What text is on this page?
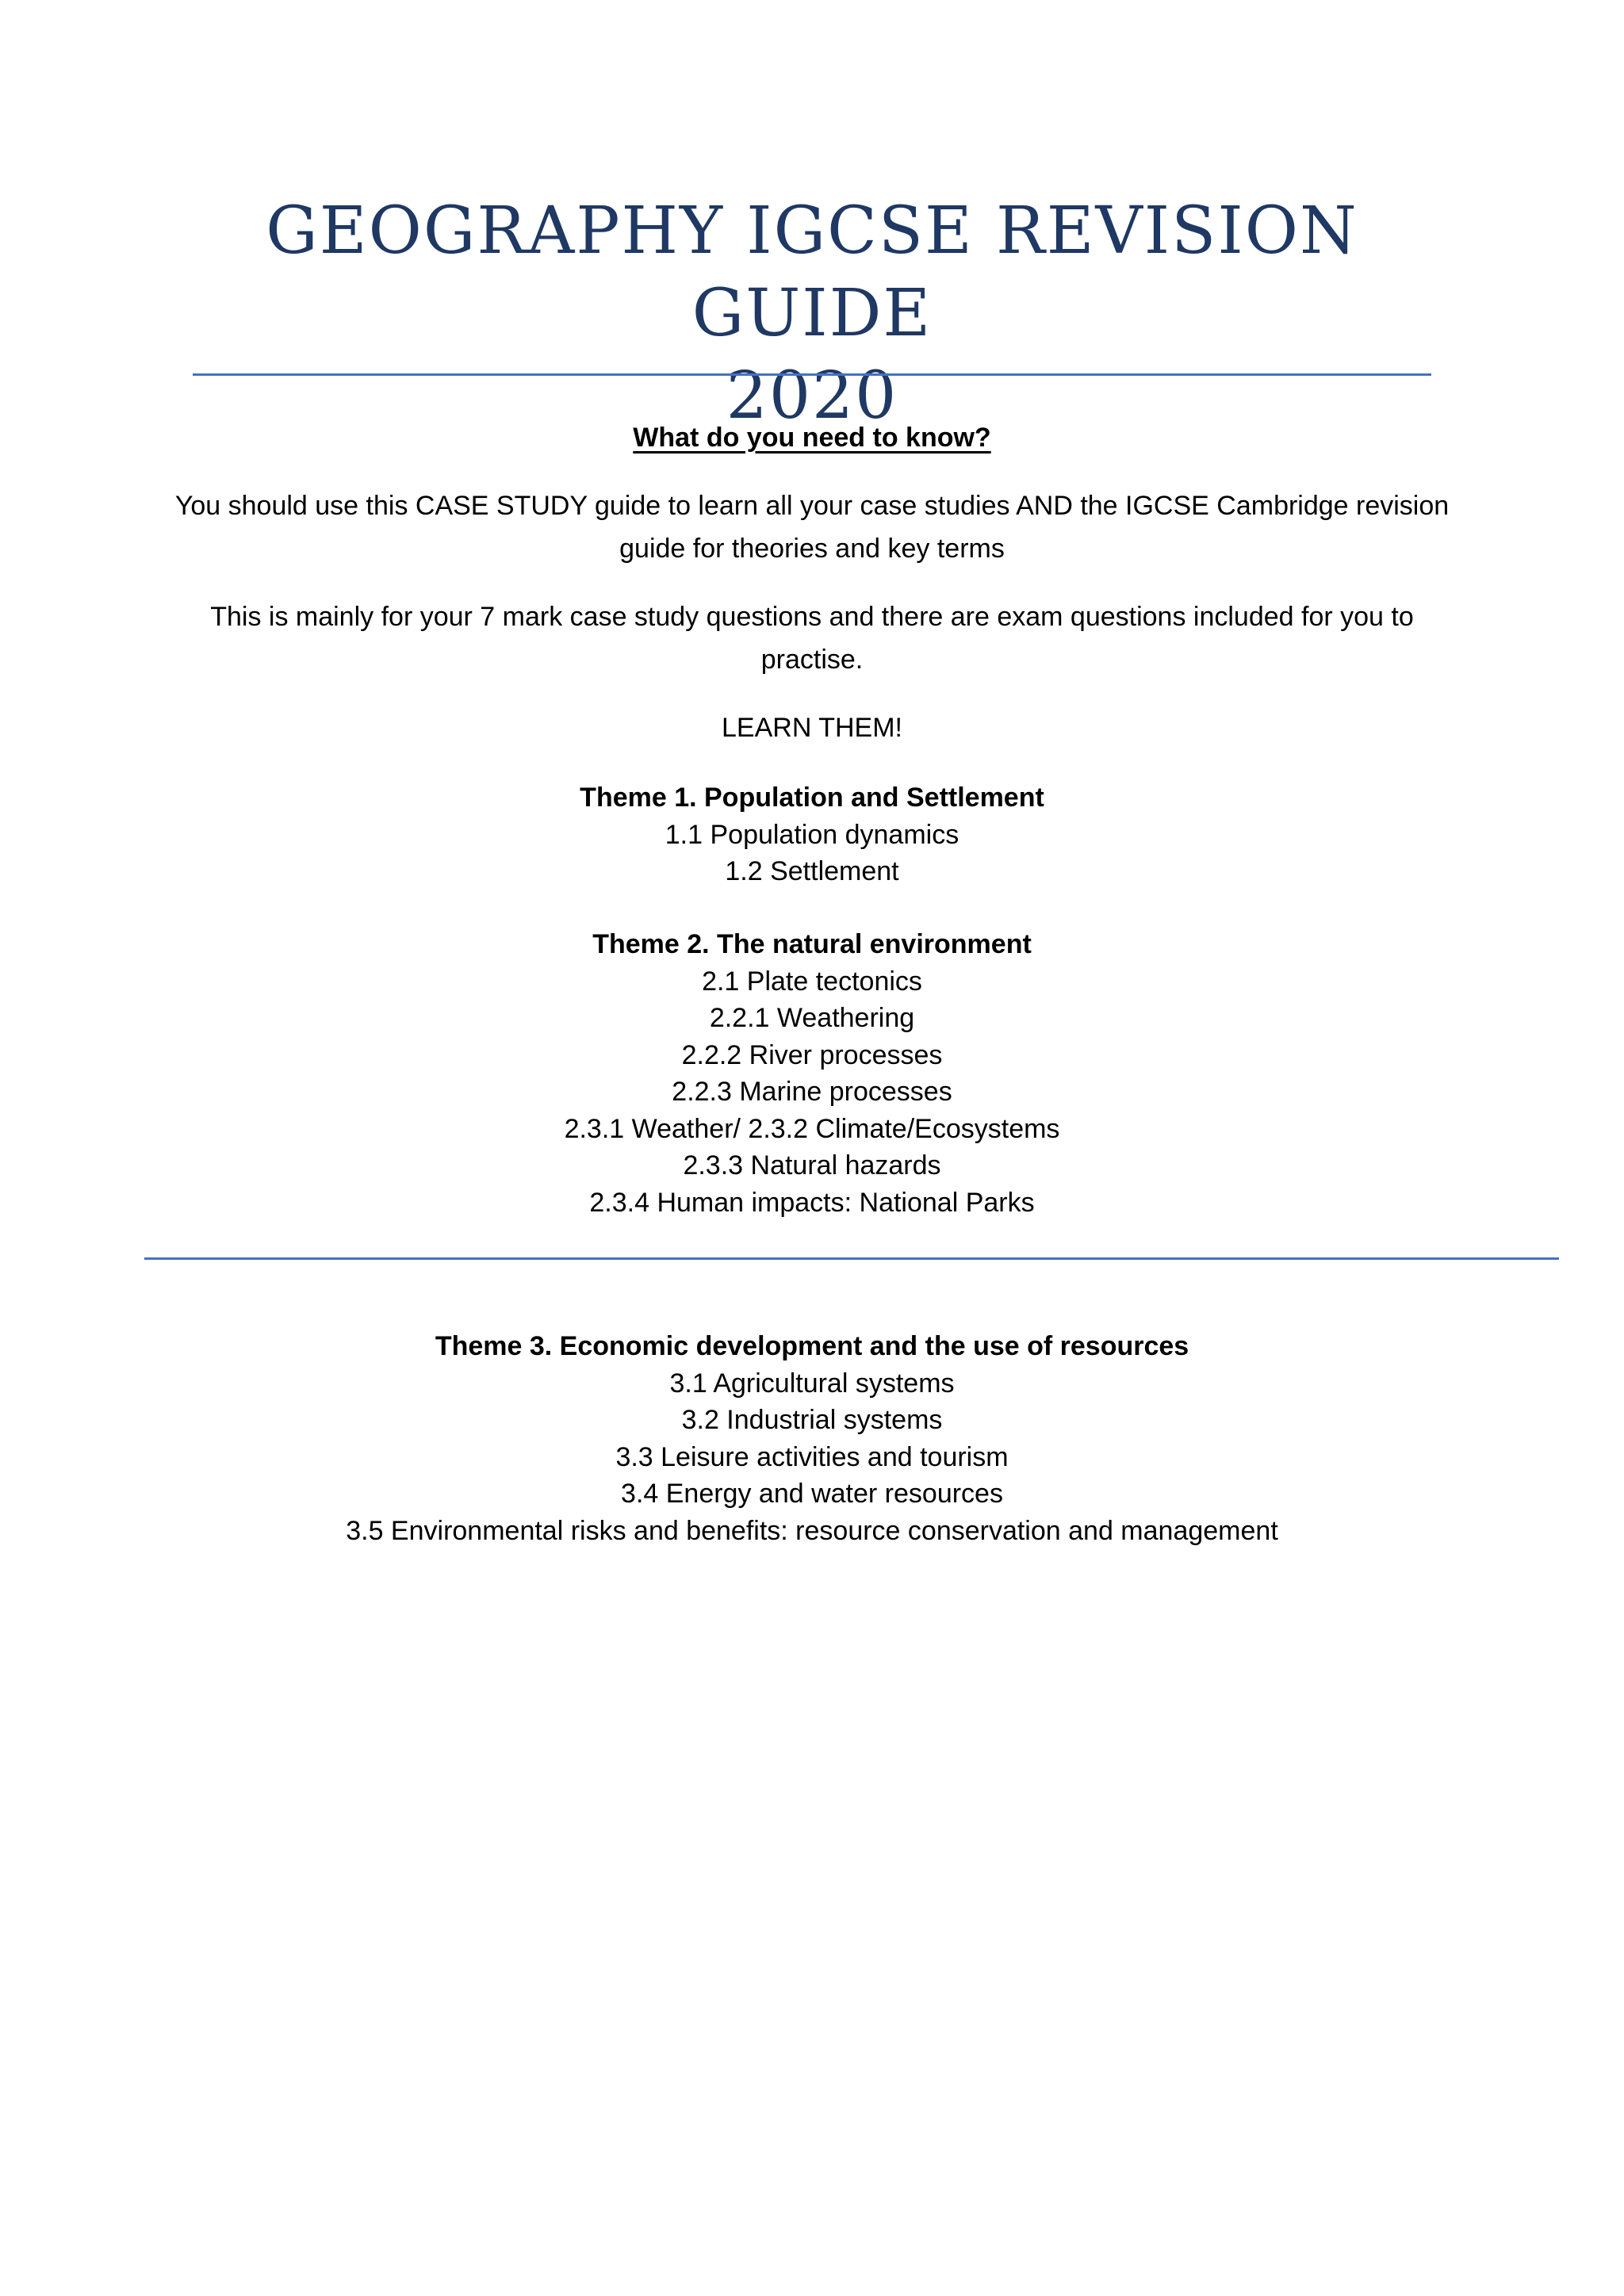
GEOGRAPHY IGCSE REVISION GUIDE
2020
What do you need to know?
You should use this CASE STUDY guide to learn all your case studies AND the IGCSE Cambridge revision guide for theories and key terms
This is mainly for your 7 mark case study questions and there are exam questions included for you to practise.
LEARN THEM!
Theme 1. Population and Settlement
1.1 Population dynamics
1.2 Settlement
Theme 2. The natural environment
2.1 Plate tectonics
2.2.1 Weathering
2.2.2 River processes
2.2.3 Marine processes
2.3.1 Weather/ 2.3.2 Climate/Ecosystems
2.3.3 Natural hazards
2.3.4 Human impacts: National Parks
Theme 3. Economic development and the use of resources
3.1 Agricultural systems
3.2 Industrial systems
3.3 Leisure activities and tourism
3.4 Energy and water resources
3.5 Environmental risks and benefits: resource conservation and management
